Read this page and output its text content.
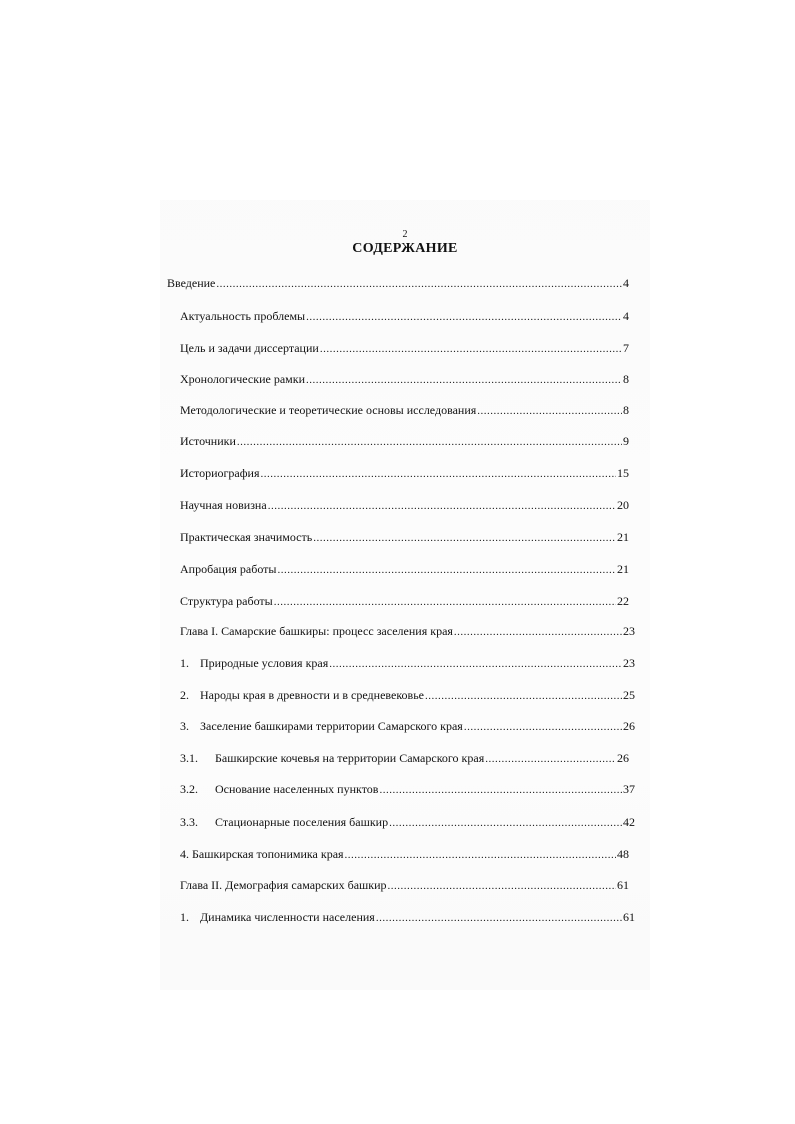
2
СОДЕРЖАНИЕ
Введение .....	4
Актуальность проблемы .....	4
Цель и задачи диссертации .....	7
Хронологические рамки .....	8
Методологические и теоретические основы исследования .....	8
Источники .....	9
Историография .....	15
Научная новизна .....	20
Практическая значимость .....	21
Апробация работы .....	21
Структура работы .....	22
Глава I. Самарские башкиры: процесс заселения края .....	23
1. Природные условия края .....	23
2. Народы края в древности и в средневековье .....	25
3. Заселение башкирами территории Самарского края .....	26
3.1.	Башкирские кочевья на территории Самарского края .....	26
3.2.	Основание населенных пунктов .....	37
3.3.	Стационарные поселения башкир .....	42
4. Башкирская топонимика края .....	48
Глава II. Демография самарских башкир .....	61
1. Динамика численности населения .....	61
